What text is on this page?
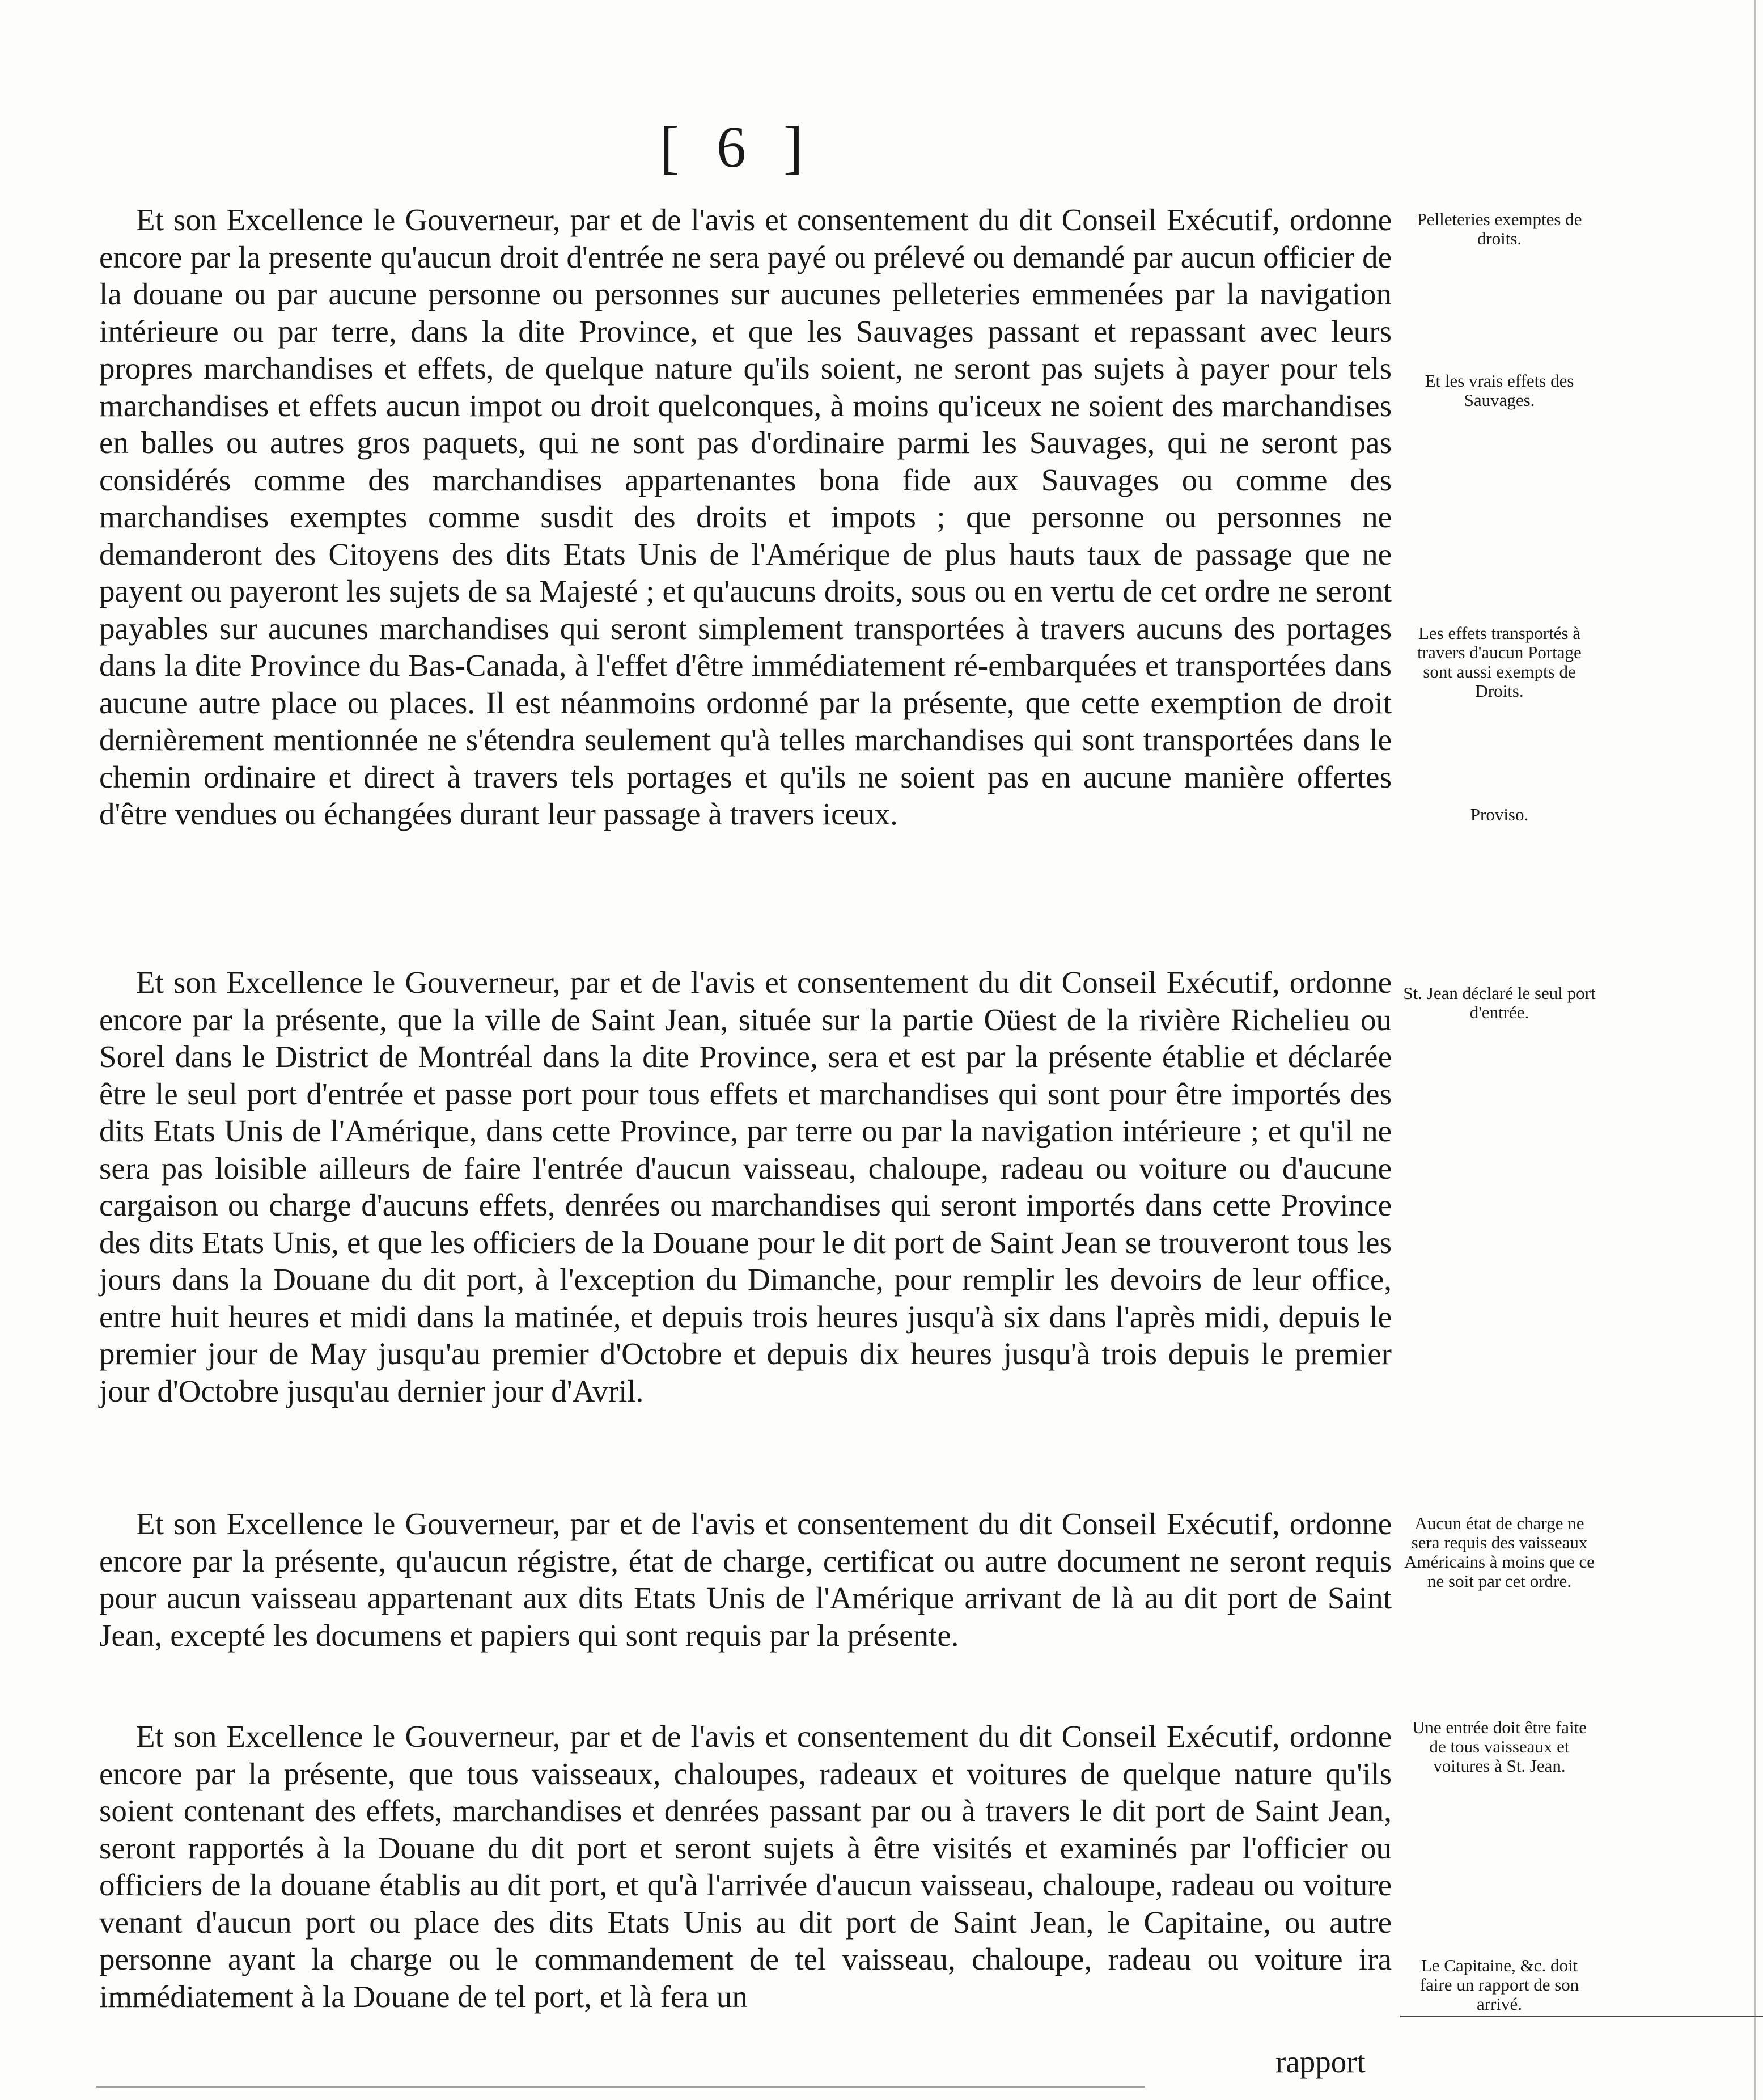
[ 6 ]

Et son Excellence le Gouverneur, par et de l'avis et consentement du dit Conseil Exécutif, ordonne encore par la presente qu'aucun droit d'entrée ne sera payé ou prélevé ou demandé par aucun officier de la douane ou par aucune personne ou personnes sur aucunes pelleteries emmenées par la navigation intérieure ou par terre, dans la dite Province, et que les Sauvages passant et repassant avec leurs propres marchandises et effets, de quelque nature qu'ils soient, ne seront pas sujets à payer pour tels marchandises et effets aucun impot ou droit quelconques, à moins qu'iceux ne soient des marchandises en balles ou autres gros paquets, qui ne sont pas d'ordinaire parmi les Sauvages, qui ne seront pas considérés comme des marchandises appartenantes bona fide aux Sauvages ou comme des marchandises exemptes comme susdit des droits et impots ; que personne ou personnes ne demanderont des Citoyens des dits Etats Unis de l'Amérique de plus hauts taux de passage que ne payent ou payeront les sujets de sa Majesté ; et qu'aucuns droits, sous ou en vertu de cet ordre ne seront payables sur aucunes marchandises qui seront simplement transportées à travers aucuns des portages dans la dite Province du Bas-Canada, à l'effet d'être immédiatement ré-embarquées et transportées dans aucune autre place ou places. Il est néanmoins ordonné par la présente, que cette exemption de droit dernièrement mentionnée ne s'étendra seulement qu'à telles marchandises qui sont transportées dans le chemin ordinaire et direct à travers tels portages et qu'ils ne soient pas en aucune manière offertes d'être vendues ou échangées durant leur passage à travers iceux.

Et son Excellence le Gouverneur, par et de l'avis et consentement du dit Conseil Exécutif, ordonne encore par la présente, que la ville de Saint Jean, située sur la partie Oüest de la rivière Richelieu ou Sorel dans le District de Montréal dans la dite Province, sera et est par la présente établie et déclarée être le seul port d'entrée et passe port pour tous effets et marchandises qui sont pour être importés des dits Etats Unis de l'Amérique, dans cette Province, par terre ou par la navigation intérieure ; et qu'il ne sera pas loisible ailleurs de faire l'entrée d'aucun vaisseau, chaloupe, radeau ou voiture ou d'aucune cargaison ou charge d'aucuns effets, denrées ou marchandises qui seront importés dans cette Province des dits Etats Unis, et que les officiers de la Douane pour le dit port de Saint Jean se trouveront tous les jours dans la Douane du dit port, à l'exception du Dimanche, pour remplir les devoirs de leur office, entre huit heures et midi dans la matinée, et depuis trois heures jusqu'à six dans l'après midi, depuis le premier jour de May jusqu'au premier d'Octobre et depuis dix heures jusqu'à trois depuis le premier jour d'Octobre jusqu'au dernier jour d'Avril.

Et son Excellence le Gouverneur, par et de l'avis et consentement du dit Conseil Exécutif, ordonne encore par la présente, qu'aucun régistre, état de charge, certificat ou autre document ne seront requis pour aucun vaisseau appartenant aux dits Etats Unis de l'Amérique arrivant de là au dit port de Saint Jean, excepté les documens et papiers qui sont requis par la présente.

Et son Excellence le Gouverneur, par et de l'avis et consentement du dit Conseil Exécutif, ordonne encore par la présente, que tous vaisseaux, chaloupes, radeaux et voitures de quelque nature qu'ils soient contenant des effets, marchandises et denrées passant par ou à travers le dit port de Saint Jean, seront rapportés à la Douane du dit port et seront sujets à être visités et examinés par l'officier ou officiers de la douane établis au dit port, et qu'à l'arrivée d'aucun vaisseau, chaloupe, radeau ou voiture venant d'aucun port ou place des dits Etats Unis au dit port de Saint Jean, le Capitaine, ou autre personne ayant la charge ou le commandement de tel vaisseau, chaloupe, radeau ou voiture ira immédiatement à la Douane de tel port, et là fera un

Pelleteries exemptes de droits.
Et les vrais effets des Sauvages.
Les effets transportés à travers d'aucun Portage sont aussi exempts de Droits.
Proviso.
St. Jean déclaré le seul port d'entrée.
Aucun état de charge ne sera requis des vaisseaux Américains à moins que ce ne soit par cet ordre.
Une entrée doit être faite de tous vaisseaux et voitures à St. Jean.
Le Capitaine, &c. doit faire un rapport de son arrivé.
rapport
